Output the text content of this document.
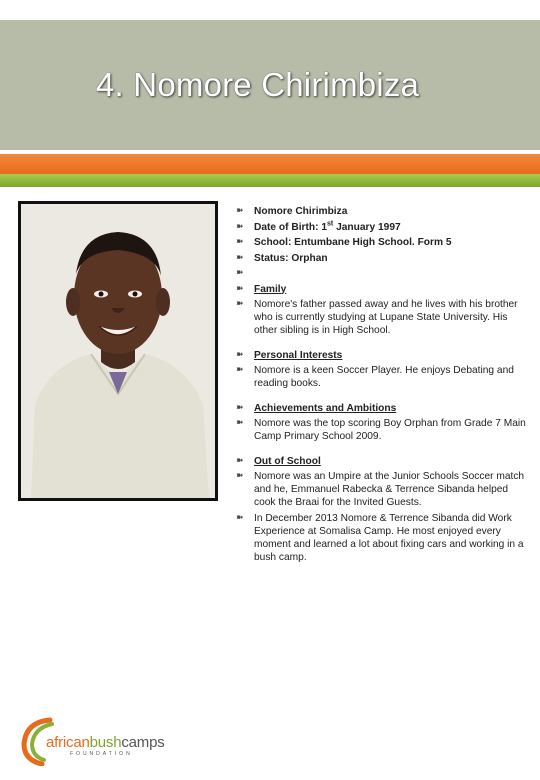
4. Nomore Chirimbiza
➽ Nomore Chirimbiza
➽ Date of Birth: 1st January 1997
➽ School: Entumbane High School. Form 5
➽ Status: Orphan
➽
➽ Family
➽ Nomore's father passed away and he lives with his brother who is currently studying at Lupane State University. His other sibling is in High School.
➽ Personal Interests
➽ Nomore is a keen Soccer Player. He enjoys Debating and reading books.
➽ Achievements and Ambitions
➽ Nomore was the top scoring Boy Orphan from Grade 7 Main Camp Primary School 2009.
➽ Out of School
➽ Nomore was an Umpire at the Junior Schools Soccer match and he, Emmanuel Rabecka & Terrence Sibanda helped cook the Braai for the Invited Guests.
➽ In December 2013 Nomore & Terrence Sibanda did Work Experience at Somalisa Camp. He most enjoyed every moment and learned a lot about fixing cars and working in a bush camp.
africanbushcamps
FOUNDATION
